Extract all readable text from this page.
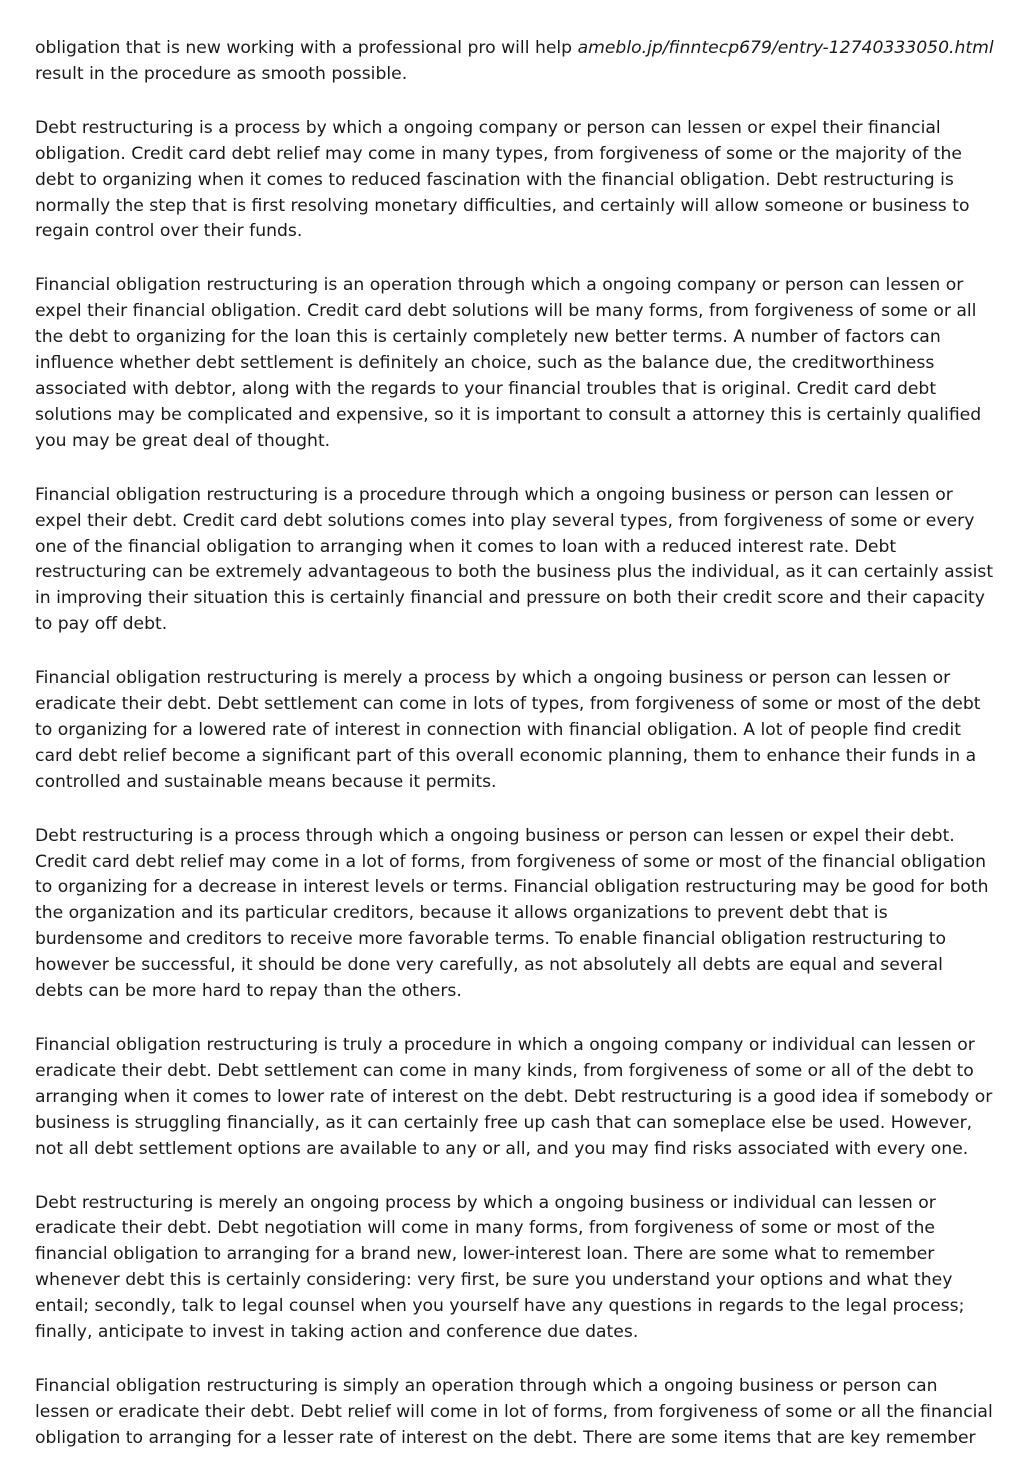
obligation that is new working with a professional pro will help ameblo.jp/finntecp679/entry-12740333050.html result in the procedure as smooth possible.

Debt restructuring is a process by which a ongoing company or person can lessen or expel their financial obligation. Credit card debt relief may come in many types, from forgiveness of some or the majority of the debt to organizing when it comes to reduced fascination with the financial obligation. Debt restructuring is normally the step that is first resolving monetary difficulties, and certainly will allow someone or business to regain control over their funds.

Financial obligation restructuring is an operation through which a ongoing company or person can lessen or expel their financial obligation. Credit card debt solutions will be many forms, from forgiveness of some or all the debt to organizing for the loan this is certainly completely new better terms. A number of factors can influence whether debt settlement is definitely an choice, such as the balance due, the creditworthiness associated with debtor, along with the regards to your financial troubles that is original. Credit card debt solutions may be complicated and expensive, so it is important to consult a attorney this is certainly qualified you may be great deal of thought.

Financial obligation restructuring is a procedure through which a ongoing business or person can lessen or expel their debt. Credit card debt solutions comes into play several types, from forgiveness of some or every one of the financial obligation to arranging when it comes to loan with a reduced interest rate. Debt restructuring can be extremely advantageous to both the business plus the individual, as it can certainly assist in improving their situation this is certainly financial and pressure on both their credit score and their capacity to pay off debt.

Financial obligation restructuring is merely a process by which a ongoing business or person can lessen or eradicate their debt. Debt settlement can come in lots of types, from forgiveness of some or most of the debt to organizing for a lowered rate of interest in connection with financial obligation. A lot of people find credit card debt relief become a significant part of this overall economic planning, them to enhance their funds in a controlled and sustainable means because it permits.

Debt restructuring is a process through which a ongoing business or person can lessen or expel their debt. Credit card debt relief may come in a lot of forms, from forgiveness of some or most of the financial obligation to organizing for a decrease in interest levels or terms. Financial obligation restructuring may be good for both the organization and its particular creditors, because it allows organizations to prevent debt that is burdensome and creditors to receive more favorable terms. To enable financial obligation restructuring to however be successful, it should be done very carefully, as not absolutely all debts are equal and several debts can be more hard to repay than the others.

Financial obligation restructuring is truly a procedure in which a ongoing company or individual can lessen or eradicate their debt. Debt settlement can come in many kinds, from forgiveness of some or all of the debt to arranging when it comes to lower rate of interest on the debt. Debt restructuring is a good idea if somebody or business is struggling financially, as it can certainly free up cash that can someplace else be used. However, not all debt settlement options are available to any or all, and you may find risks associated with every one.

Debt restructuring is merely an ongoing process by which a ongoing business or individual can lessen or eradicate their debt. Debt negotiation will come in many forms, from forgiveness of some or most of the financial obligation to arranging for a brand new, lower-interest loan. There are some what to remember whenever debt this is certainly considering: very first, be sure you understand your options and what they entail; secondly, talk to legal counsel when you yourself have any questions in regards to the legal process; finally, anticipate to invest in taking action and conference due dates.

Financial obligation restructuring is simply an operation through which a ongoing business or person can lessen or eradicate their debt. Debt relief will come in lot of forms, from forgiveness of some or all the financial obligation to arranging for a lesser rate of interest on the debt. There are some items that are key remember
